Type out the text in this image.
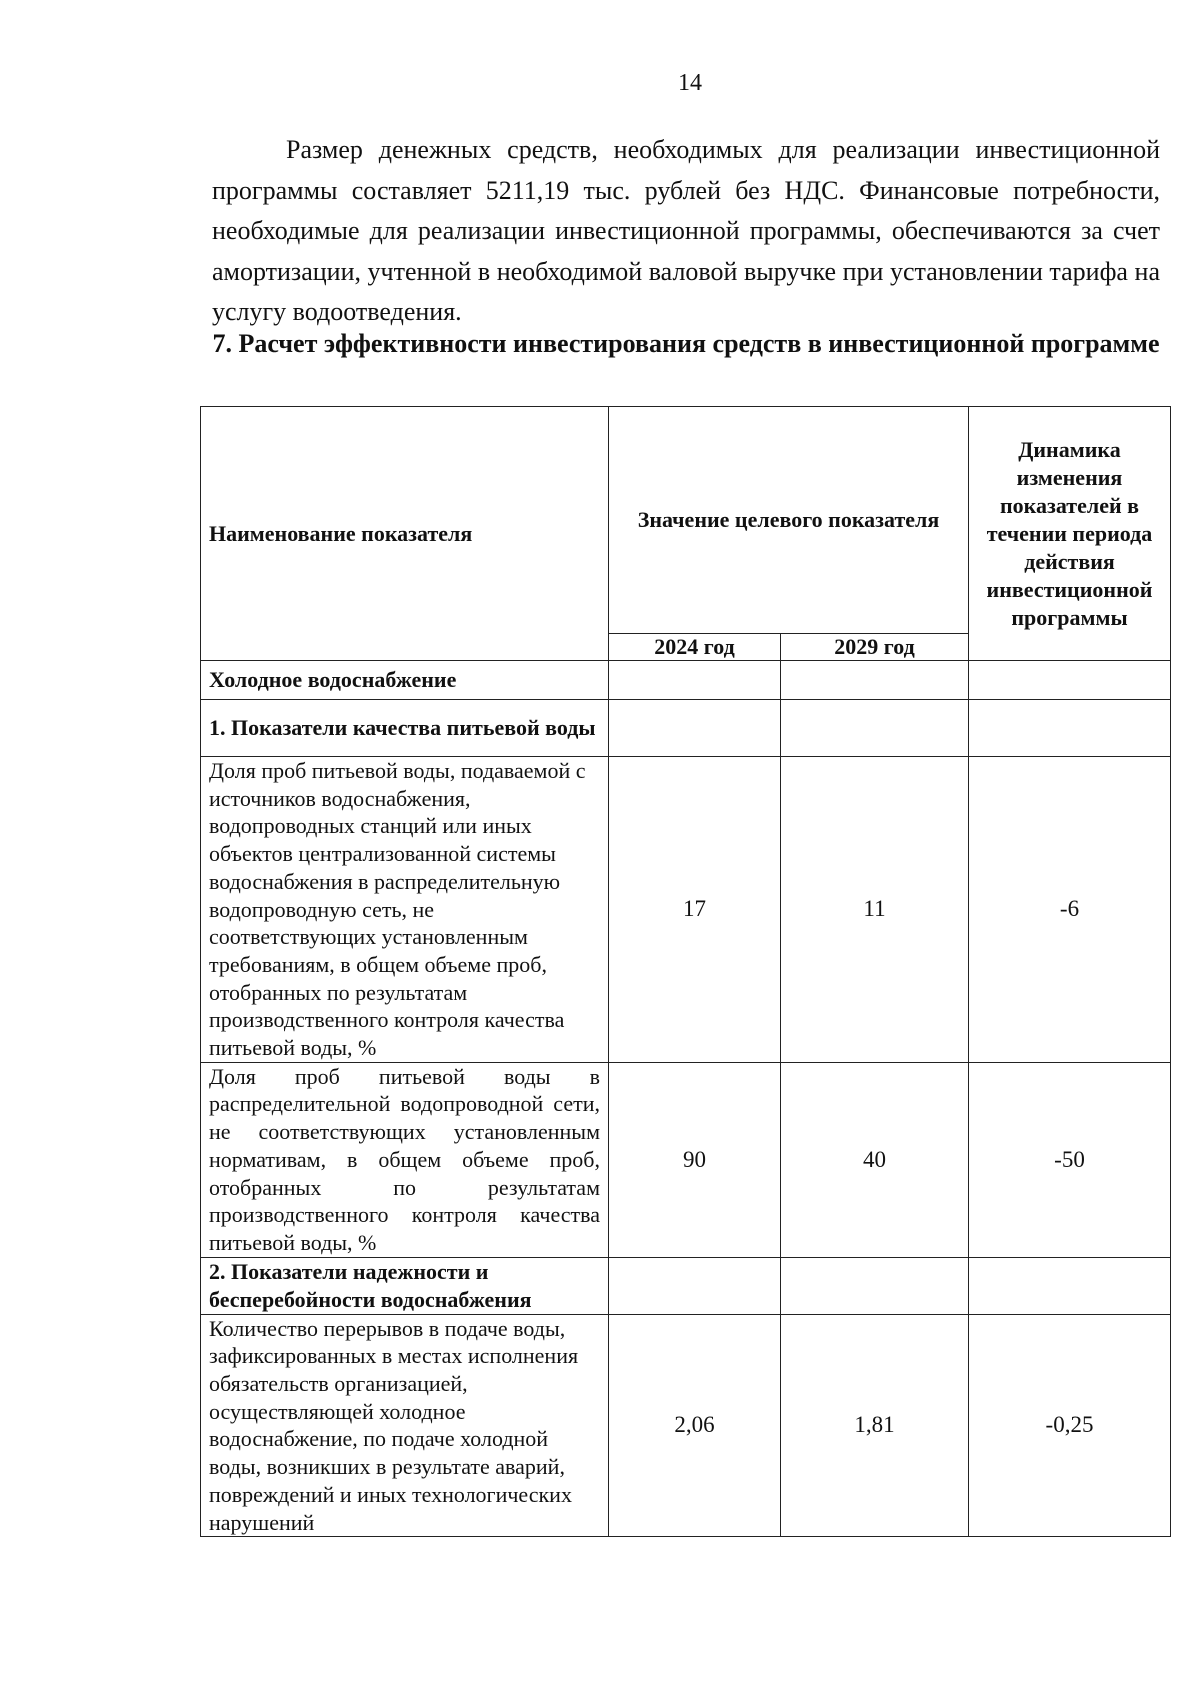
14

Размер денежных средств, необходимых для реализации инвестиционной программы составляет 5211,19 тыс. рублей без НДС. Финансовые потребности, необходимые для реализации инвестиционной программы, обеспечиваются за счет амортизации, учтенной в необходимой валовой выручке при установлении тарифа на услугу водоотведения.

7. Расчет эффективности инвестирования средств в инвестиционной программе
Наименование показателя	Значение целевого показателя		Динамика изменения показателей в течении периода действия инвестиционной программы
	2024 год	2029 год	
Холодное водоснабжение			
1. Показатели качества питьевой воды			
Доля проб питьевой воды, подаваемой с источников водоснабжения, водопроводных станций или иных объектов централизованной системы водоснабжения в распределительную водопроводную сеть, не соответствующих установленным требованиям, в общем объеме проб, отобранных по результатам производственного контроля качества питьевой воды, %	17	11	-6
Доля проб питьевой воды в распределительной водопроводной сети, не соответствующих установленным нормативам, в общем объеме проб, отобранных по результатам производственного контроля качества питьевой воды, %	90	40	-50
2. Показатели надежности и бесперебойности водоснабжения			
Количество перерывов в подаче воды, зафиксированных в местах исполнения обязательств организацией, осуществляющей холодное водоснабжение, по подаче холодной воды, возникших в результате аварий, повреждений и иных технологических нарушений	2,06	1,81	-0,25
